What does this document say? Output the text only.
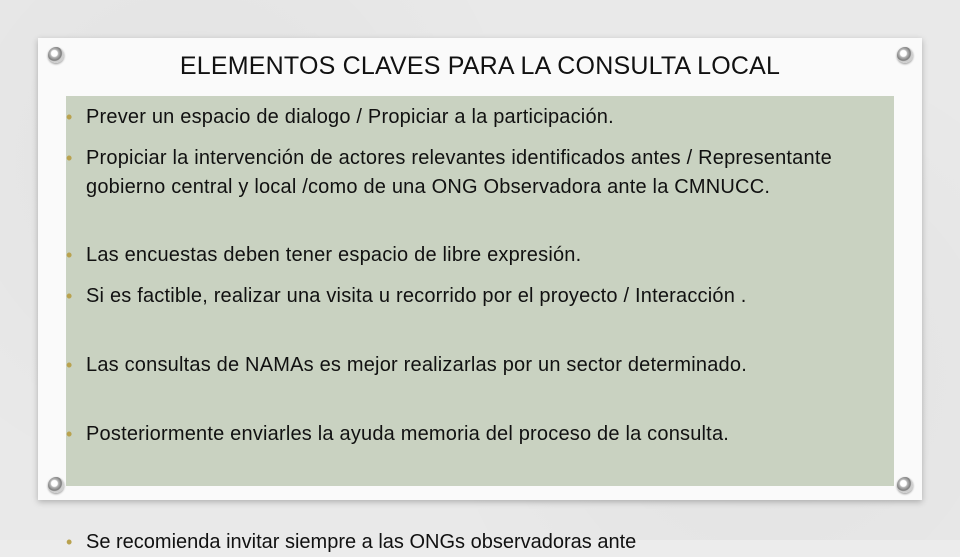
ELEMENTOS CLAVES PARA LA CONSULTA LOCAL
• Prever un espacio de dialogo / Propiciar a la participación.
• Propiciar la intervención de actores relevantes identificados antes / Representante gobierno central y local /como de una ONG Observadora ante la CMNUCC.
• Las encuestas deben tener espacio de libre expresión.
• Si es factible, realizar una visita u recorrido por el proyecto / Interacción .
• Las consultas de NAMAs es mejor realizarlas por un sector determinado.
• Posteriormente enviarles la ayuda memoria del proceso de la consulta.
• Se recomienda invitar siempre a las ONGs observadoras ante
